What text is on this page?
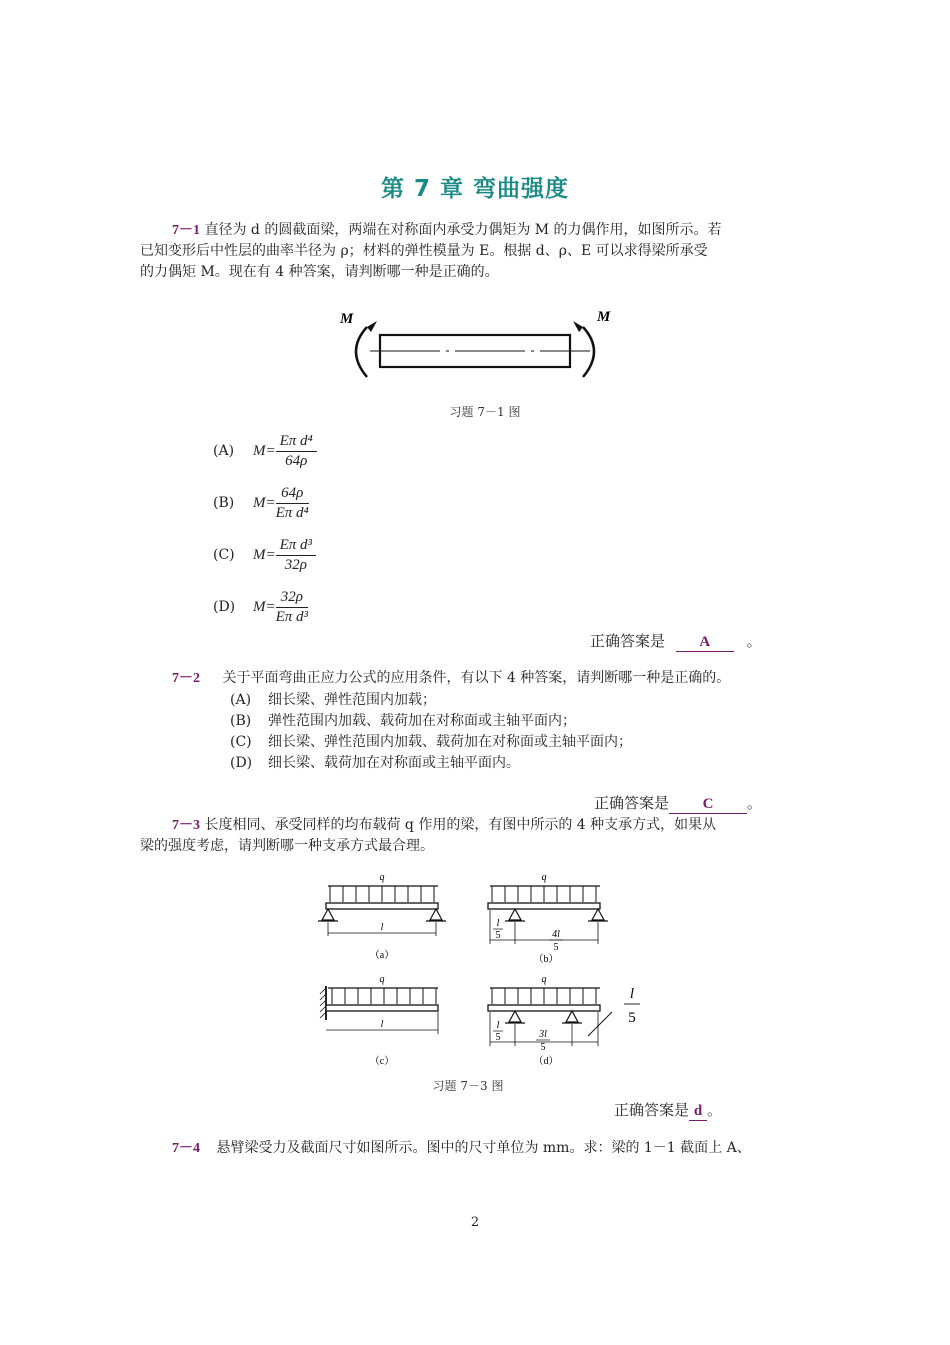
第 7 章 弯曲强度
7－1 直径为 d 的圆截面梁，两端在对称面内承受力偶矩为 M 的力偶作用，如图所示。若
已知变形后中性层的曲率半径为 ρ；材料的弹性模量为 E。根据 d、ρ、E 可以求得梁所承受
的力偶矩 M。现在有 4 种答案，请判断哪一种是正确的。
M	M
习题 7－1 图
(A)	$M= \frac{\text{Eπ d⁴}}{64\rho}$
(B)	$M= \frac{64\rho}{\text{Eπ d⁴}}$
(C)	$M= \frac{\text{Eπ d³}}{32\rho}$
(D)	$M= \frac{32\rho}{\text{Eπ d³}}$
正确答案是 A 。
7－2 关于平面弯曲正应力公式的应用条件，有以下 4 种答案，请判断哪一种是正确的。
(A) 细长梁、弹性范围内加载；
(B) 弹性范围内加载、载荷加在对称面或主轴平面内；
(C) 细长梁、弹性范围内加载、载荷加在对称面或主轴平面内；
(D) 细长梁、载荷加在对称面或主轴平面内。
正确答案是 C 。
7－3 长度相同、承受同样的均布载荷 q 作用的梁，有图中所示的 4 种支承方式，如果从
梁的强度考虑，请判断哪一种支承方式最合理。
q
l
（a）
q
l
5	4l
5
（b）
q
l
（c）
q
l
5	3l
5
（d）
l
5
习题 7－3 图
正确答案是 d 。
7－4 悬臂梁受力及截面尺寸如图所示。图中的尺寸单位为 mm。求：梁的 1－1 截面上 A、
2
